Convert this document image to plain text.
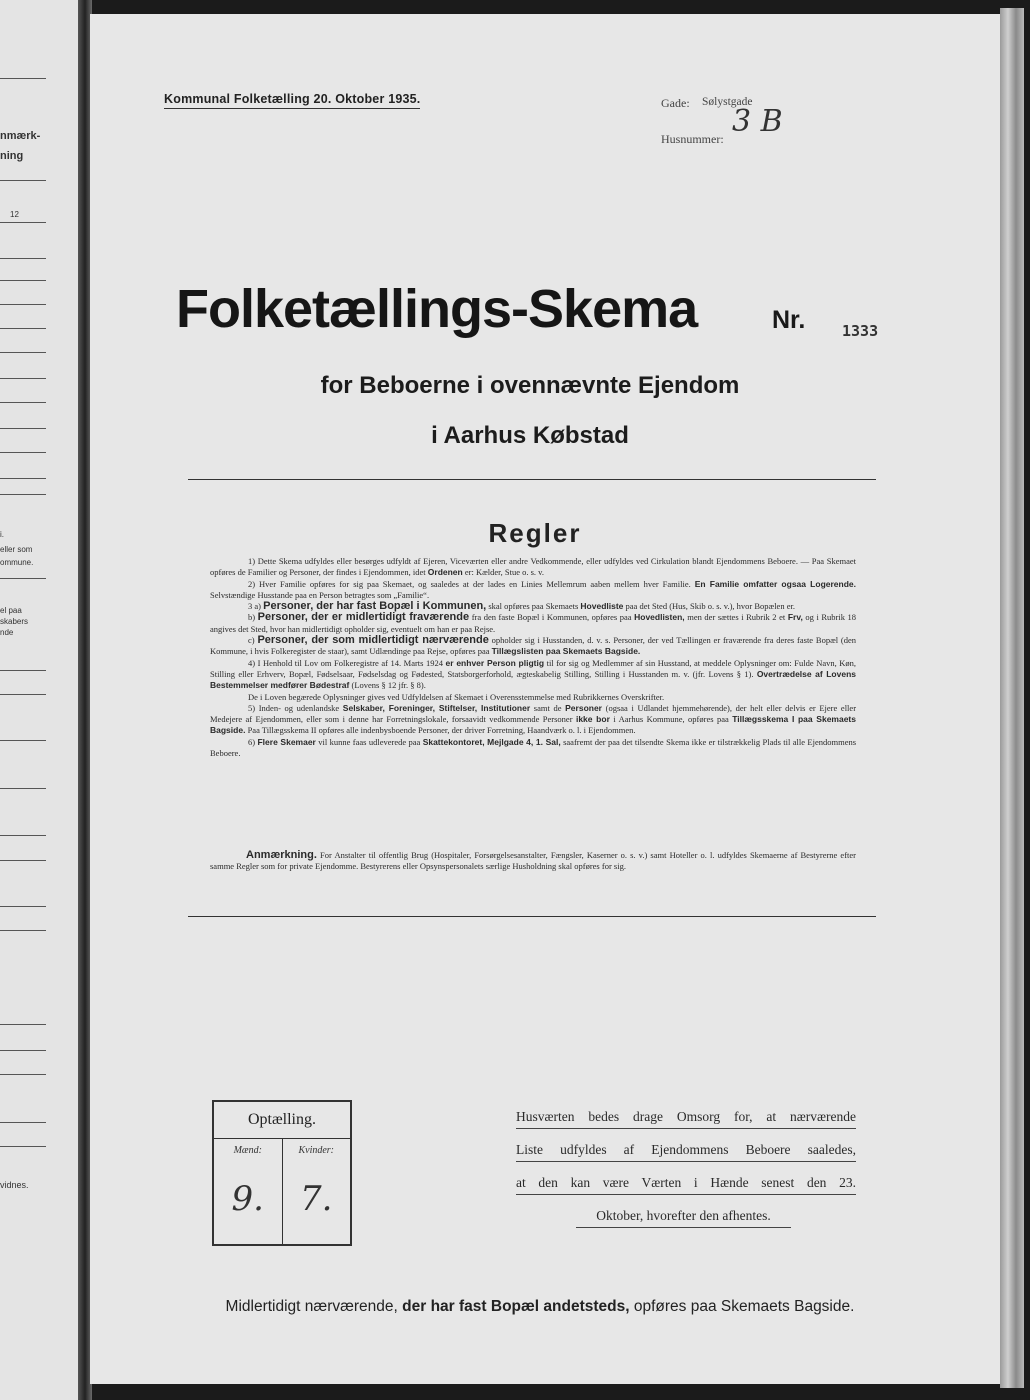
nmærk-
ning
12
i.
eller som
ommune.
el paa
skabers
nde
vidnes.
Kommunal Folketælling 20. Oktober 1935.	Gade: Sølystgade
Husnummer: 3 B
Folketællings-Skema	Nr. 1333
for Beboerne i ovennævnte Ejendom
i Aarhus Købstad
Regler

1) Dette Skema udfyldes eller besørges udfyldt af Ejeren, Viceværten eller andre Vedkommende, eller udfyldes ved Cirkulation blandt Ejendommens Beboere. — Paa Skemaet opføres de Familier og Personer, der findes i Ejendommen, idet Ordenen er: Kælder, Stue o. s. v.

2) Hver Familie opføres for sig paa Skemaet, og saaledes at der lades en Linies Mellemrum aaben mellem hver Familie. En Familie omfatter ogsaa Logerende. Selvstændige Husstande paa en Person betragtes som „Familie“.

3 a) Personer, der har fast Bopæl i Kommunen, skal opføres paa Skemaets Hovedliste paa det Sted (Hus, Skib o. s. v.), hvor Bopælen er.

b) Personer, der er midlertidigt fraværende fra den faste Bopæl i Kommunen, opføres paa Hovedlisten, men der sættes i Rubrik 2 et Frv, og i Rubrik 18 angives det Sted, hvor han midlertidigt opholder sig, eventuelt om han er paa Rejse.

c) Personer, der som midlertidigt nærværende opholder sig i Husstanden, d. v. s. Personer, der ved Tællingen er fraværende fra deres faste Bopæl (den Kommune, i hvis Folkeregister de staar), samt Udlændinge paa Rejse, opføres paa Tillægslisten paa Skemaets Bagside.

4) I Henhold til Lov om Folkeregistre af 14. Marts 1924 er enhver Person pligtig til for sig og Medlemmer af sin Husstand, at meddele Oplysninger om: Fulde Navn, Køn, Stilling eller Erhverv, Bopæl, Fødselsaar, Fødselsdag og Fødested, Statsborgerforhold, ægteskabelig Stilling, Stilling i Husstanden m. v. (jfr. Lovens § 1). Overtrædelse af Lovens Bestemmelser medfører Bødestraf (Lovens § 12 jfr. § 8).

De i Loven begærede Oplysninger gives ved Udfyldelsen af Skemaet i Overensstemmelse med Rubrikkernes Overskrifter.

5) Inden- og udenlandske Selskaber, Foreninger, Stiftelser, Institutioner samt de Personer (ogsaa i Udlandet hjemmehørende), der helt eller delvis er Ejere eller Medejere af Ejendommen, eller som i denne har Forretningslokale, forsaavidt vedkommende Personer ikke bor i Aarhus Kommune, opføres paa Tillægsskema I paa Skemaets Bagside. Paa Tillægsskema II opføres alle indenbysboende Personer, der driver Forretning, Haandværk o. l. i Ejendommen.

6) Flere Skemaer vil kunne faas udleverede paa Skattekontoret, Mejlgade 4, 1. Sal, saafremt der paa det tilsendte Skema ikke er tilstrækkelig Plads til alle Ejendommens Beboere.

Anmærkning. For Anstalter til offentlig Brug (Hospitaler, Forsørgelsesanstalter, Fængsler, Kaserner o. s. v.) samt Hoteller o. l. udfyldes Skemaerne af Bestyrerne efter samme Regler som for private Ejendomme. Bestyrerens eller Opsynspersonalets særlige Husholdning skal opføres for sig.

Optælling.
Mænd:
9.
Kvinder:
7.
Husværten bedes drage Omsorg for, at nærværende
Liste udfyldes af Ejendommens Beboere saaledes,
at den kan være Værten i Hænde senest den 23.
Oktober, hvorefter den afhentes.
Midlertidigt nærværende, der har fast Bopæl andetsteds, opføres paa Skemaets Bagside.
